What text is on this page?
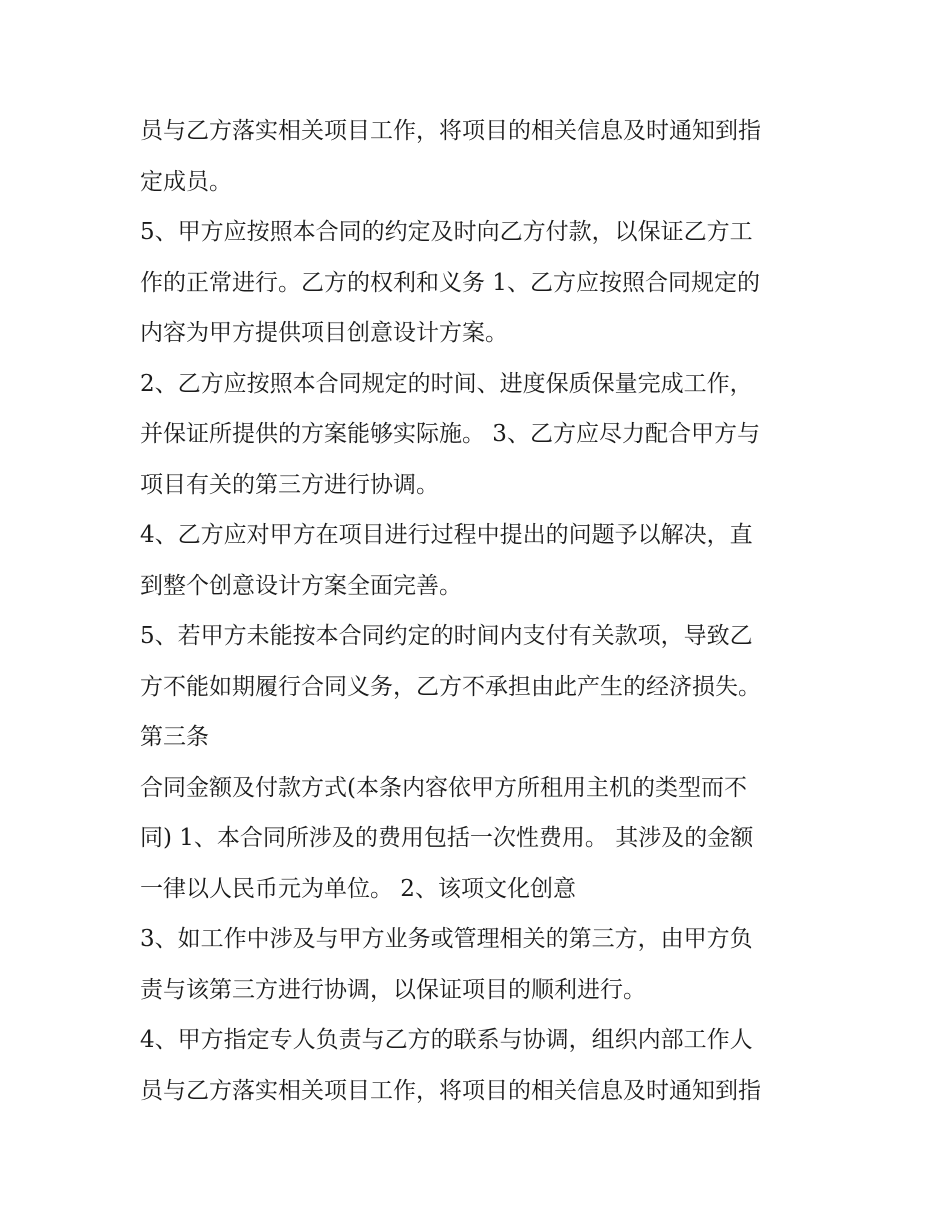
员与乙方落实相关项目工作，将项目的相关信息及时通知到指
定成员。
5、甲方应按照本合同的约定及时向乙方付款，以保证乙方工
作的正常进行。乙方的权利和义务 1、乙方应按照合同规定的
内容为甲方提供项目创意设计方案。
2、乙方应按照本合同规定的时间、进度保质保量完成工作，
并保证所提供的方案能够实际施。 3、乙方应尽力配合甲方与
项目有关的第三方进行协调。
4、乙方应对甲方在项目进行过程中提出的问题予以解决，直
到整个创意设计方案全面完善。
5、若甲方未能按本合同约定的时间内支付有关款项，导致乙
方不能如期履行合同义务，乙方不承担由此产生的经济损失。
第三条
合同金额及付款方式(本条内容依甲方所租用主机的类型而不
同) 1、本合同所涉及的费用包括一次性费用。 其涉及的金额
一律以人民币元为单位。 2、该项文化创意
3、如工作中涉及与甲方业务或管理相关的第三方，由甲方负
责与该第三方进行协调，以保证项目的顺利进行。
4、甲方指定专人负责与乙方的联系与协调，组织内部工作人
员与乙方落实相关项目工作，将项目的相关信息及时通知到指
